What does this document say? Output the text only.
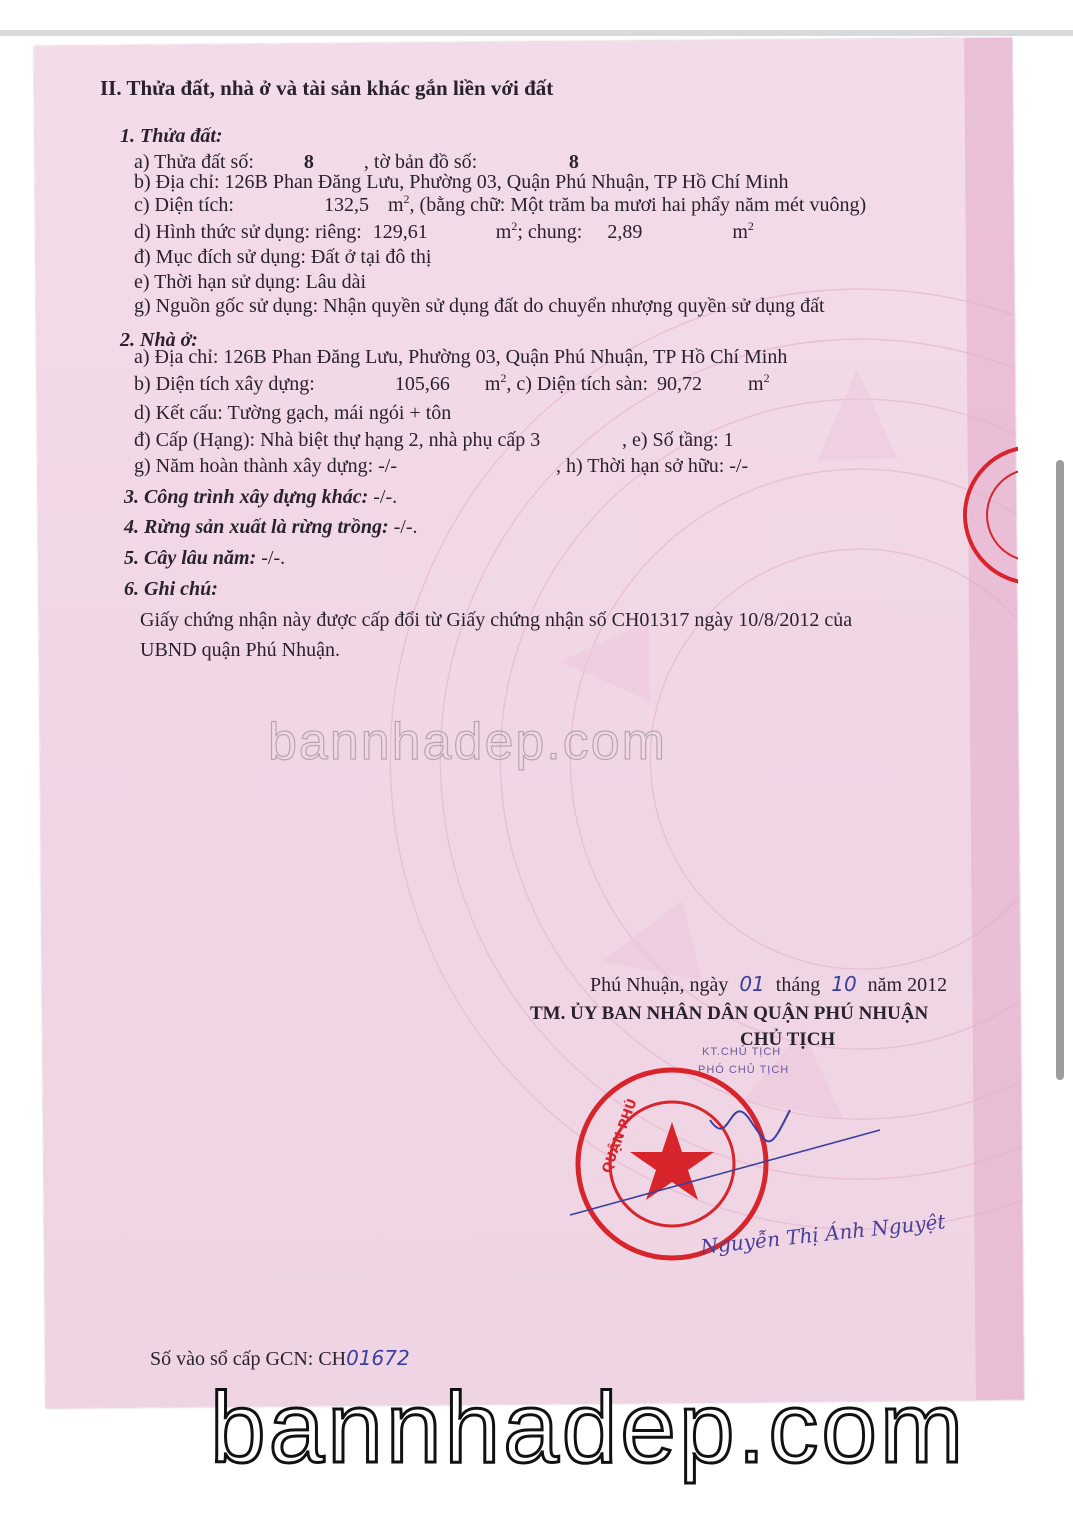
QUẬN PHÚ
II. Thửa đất, nhà ở và tài sản khác gắn liền với đất
1. Thửa đất:
a) Thửa đất số:	8	, tờ bản đồ số:	8
b) Địa chỉ: 126B Phan Đăng Lưu, Phường 03, Quận Phú Nhuận, TP Hồ Chí Minh
c) Diện tích:	132,5 $m^2$, (bằng chữ: Một trăm ba mươi hai phẩy năm mét vuông)
d) Hình thức sử dụng: riêng: 129,61	$m^2$; chung: 2,89	$m^2$
đ) Mục đích sử dụng: Đất ở tại đô thị
e) Thời hạn sử dụng: Lâu dài
g) Nguồn gốc sử dụng: Nhận quyền sử dụng đất do chuyển nhượng quyền sử dụng đất
2. Nhà ở:
a) Địa chỉ: 126B Phan Đăng Lưu, Phường 03, Quận Phú Nhuận, TP Hồ Chí Minh
b) Diện tích xây dựng:	105,66 $m^2$, c) Diện tích sàn: 90,72 $m^2$
d) Kết cấu: Tường gạch, mái ngói + tôn
đ) Cấp (Hạng): Nhà biệt thự hạng 2, nhà phụ cấp 3	, e) Số tầng: 1
g) Năm hoàn thành xây dựng: -/-	, h) Thời hạn sở hữu: -/-
3. Công trình xây dựng khác: -/-.
4. Rừng sản xuất là rừng trồng: -/-.
5. Cây lâu năm: -/-.
6. Ghi chú:
Giấy chứng nhận này được cấp đổi từ Giấy chứng nhận số CH01317 ngày 10/8/2012 của
UBND quận Phú Nhuận.
bannhadep.com
Phú Nhuận, ngày 01 tháng 10 năm 2012
TM. ỦY BAN NHÂN DÂN QUẬN PHÚ NHUẬN
CHỦ TỊCH
KT.CHỦ TỊCH
PHÓ CHỦ TỊCH
Nguyễn Thị Ánh Nguyệt
Số vào sổ cấp GCN: CH01672
bannhadep.com
